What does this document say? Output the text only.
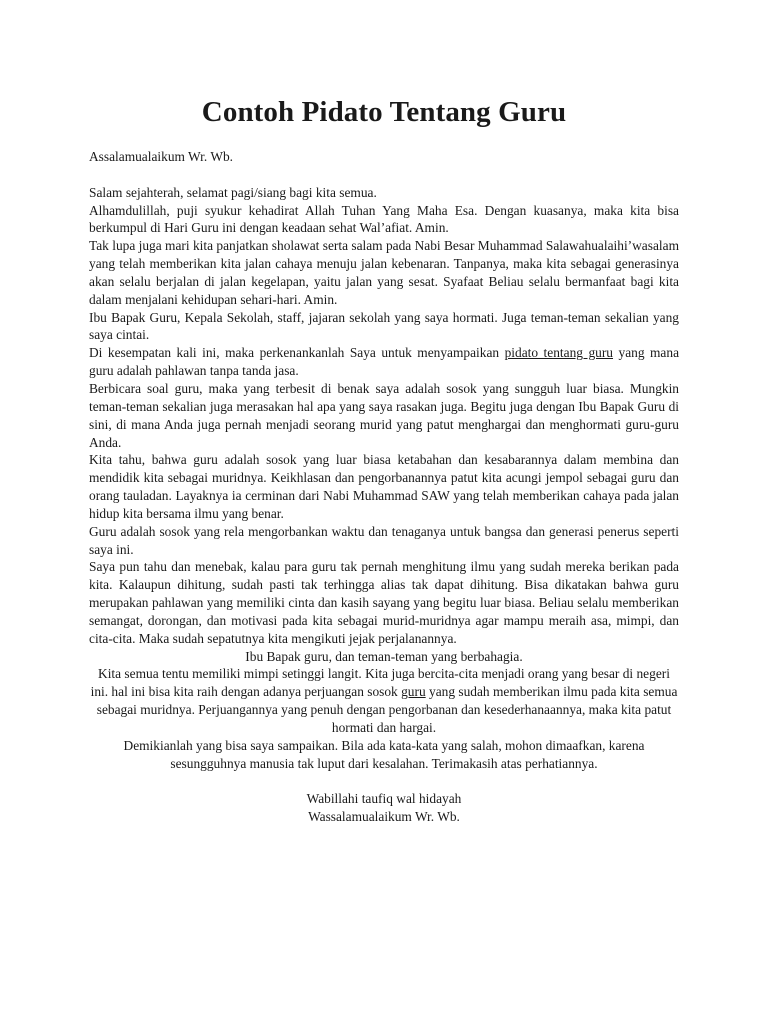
Contoh Pidato Tentang Guru

Assalamualaikum Wr. Wb.

Salam sejahterah, selamat pagi/siang bagi kita semua.

Alhamdulillah, puji syukur kehadirat Allah Tuhan Yang Maha Esa. Dengan kuasanya, maka kita bisa berkumpul di Hari Guru ini dengan keadaan sehat Wal’afiat. Amin.

Tak lupa juga mari kita panjatkan sholawat serta salam pada Nabi Besar Muhammad Salawahualaihi’wasalam yang telah memberikan kita jalan cahaya menuju jalan kebenaran. Tanpanya, maka kita sebagai generasinya akan selalu berjalan di jalan kegelapan, yaitu jalan yang sesat. Syafaat Beliau selalu bermanfaat bagi kita dalam menjalani kehidupan sehari-hari. Amin.

Ibu Bapak Guru, Kepala Sekolah, staff, jajaran sekolah yang saya hormati. Juga teman-teman sekalian yang saya cintai.

Di kesempatan kali ini, maka perkenankanlah Saya untuk menyampaikan pidato tentang guru yang mana guru adalah pahlawan tanpa tanda jasa.

Berbicara soal guru, maka yang terbesit di benak saya adalah sosok yang sungguh luar biasa. Mungkin teman-teman sekalian juga merasakan hal apa yang saya rasakan juga. Begitu juga dengan Ibu Bapak Guru di sini, di mana Anda juga pernah menjadi seorang murid yang patut menghargai dan menghormati guru-guru Anda.

Kita tahu, bahwa guru adalah sosok yang luar biasa ketabahan dan kesabarannya dalam membina dan mendidik kita sebagai muridnya. Keikhlasan dan pengorbanannya patut kita acungi jempol sebagai guru dan orang tauladan. Layaknya ia cerminan dari Nabi Muhammad SAW yang telah memberikan cahaya pada jalan hidup kita bersama ilmu yang benar.

Guru adalah sosok yang rela mengorbankan waktu dan tenaganya untuk bangsa dan generasi penerus seperti saya ini.

Saya pun tahu dan menebak, kalau para guru tak pernah menghitung ilmu yang sudah mereka berikan pada kita. Kalaupun dihitung, sudah pasti tak terhingga alias tak dapat dihitung. Bisa dikatakan bahwa guru merupakan pahlawan yang memiliki cinta dan kasih sayang yang begitu luar biasa. Beliau selalu memberikan semangat, dorongan, dan motivasi pada kita sebagai murid-muridnya agar mampu meraih asa, mimpi, dan cita-cita. Maka sudah sepatutnya kita mengikuti jejak perjalanannya.

Ibu Bapak guru, dan teman-teman yang berbahagia.

Kita semua tentu memiliki mimpi setinggi langit. Kita juga bercita-cita menjadi orang yang besar di negeri ini. hal ini bisa kita raih dengan adanya perjuangan sosok guru yang sudah memberikan ilmu pada kita semua sebagai muridnya. Perjuangannya yang penuh dengan pengorbanan dan kesederhanaannya, maka kita patut hormati dan hargai.

Demikianlah yang bisa saya sampaikan. Bila ada kata-kata yang salah, mohon dimaafkan, karena sesungguhnya manusia tak luput dari kesalahan. Terimakasih atas perhatiannya.

Wabillahi taufiq wal hidayah

Wassalamualaikum Wr. Wb.
